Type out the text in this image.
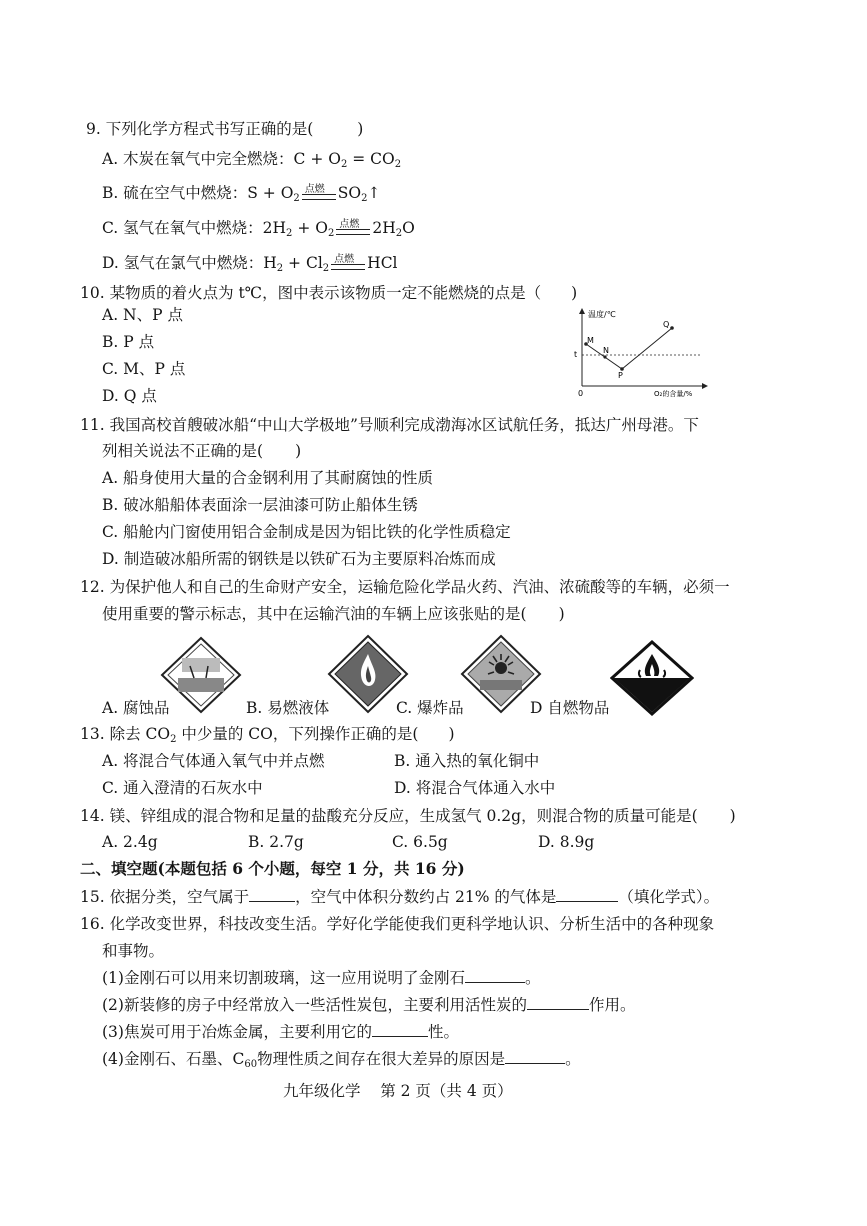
9. 下列化学方程式书写正确的是(	)
A. 木炭在氧气中完全燃烧：$C + O_2 = CO_2$
B. 硫在空气中燃烧：$S + O_2$
点燃 $SO_2↑$
C. 氢气在氧气中燃烧：$2H_2 + O_2$
点燃 $2H_2O$
D. 氢气在氯气中燃烧：$H_2 + Cl_2$
点燃 HCl
10. 某物质的着火点为 t℃，图中表示该物质一定不能燃烧的点是（ )
A. N、P 点
B. P 点
C. M、P 点
D. Q 点
温度/℃
O₂的含量/%
0
t
M
N
P
Q
11. 我国高校首艘破冰船“中山大学极地”号顺利完成渤海冰区试航任务，抵达广州母港。下
列相关说法不正确的是( )
A. 船身使用大量的合金钢利用了其耐腐蚀的性质
B. 破冰船船体表面涂一层油漆可防止船体生锈
C. 船舱内门窗使用铝合金制成是因为铝比铁的化学性质稳定
D. 制造破冰船所需的钢铁是以铁矿石为主要原料冶炼而成
12. 为保护他人和自己的生命财产安全，运输危险化学品火药、汽油、浓硫酸等的车辆，必须一
使用重要的警示标志，其中在运输汽油的车辆上应该张贴的是( )
A. 腐蚀品	B. 易燃液体	C. 爆炸品	D 自燃物品
13. 除去 $CO_2$ 中少量的 CO，下列操作正确的是( )
A. 将混合气体通入氧气中并点燃	B. 通入热的氧化铜中
C. 通入澄清的石灰水中	D. 将混合气体通入水中
14. 镁、锌组成的混合物和足量的盐酸充分反应，生成氢气 0.2g，则混合物的质量可能是( )
A. 2.4g	B. 2.7g	C. 6.5g	D. 8.9g
二、填空题(本题包括 6 个小题，每空 1 分，共 16 分)
15. 依据分类，空气属于	，空气中体积分数约占 21% 的气体是	（填化学式）。
16. 化学改变世界，科技改变生活。学好化学能使我们更科学地认识、分析生活中的各种现象
和事物。
(1)金刚石可以用来切割玻璃，这一应用说明了金刚石	。
(2)新装修的房子中经常放入一些活性炭包，主要利用活性炭的	作用。
(3)焦炭可用于冶炼金属，主要利用它的	性。
(4)金刚石、石墨、$C_{60}$物理性质之间存在很大差异的原因是	。
九年级化学    第 2 页（共 4 页）
